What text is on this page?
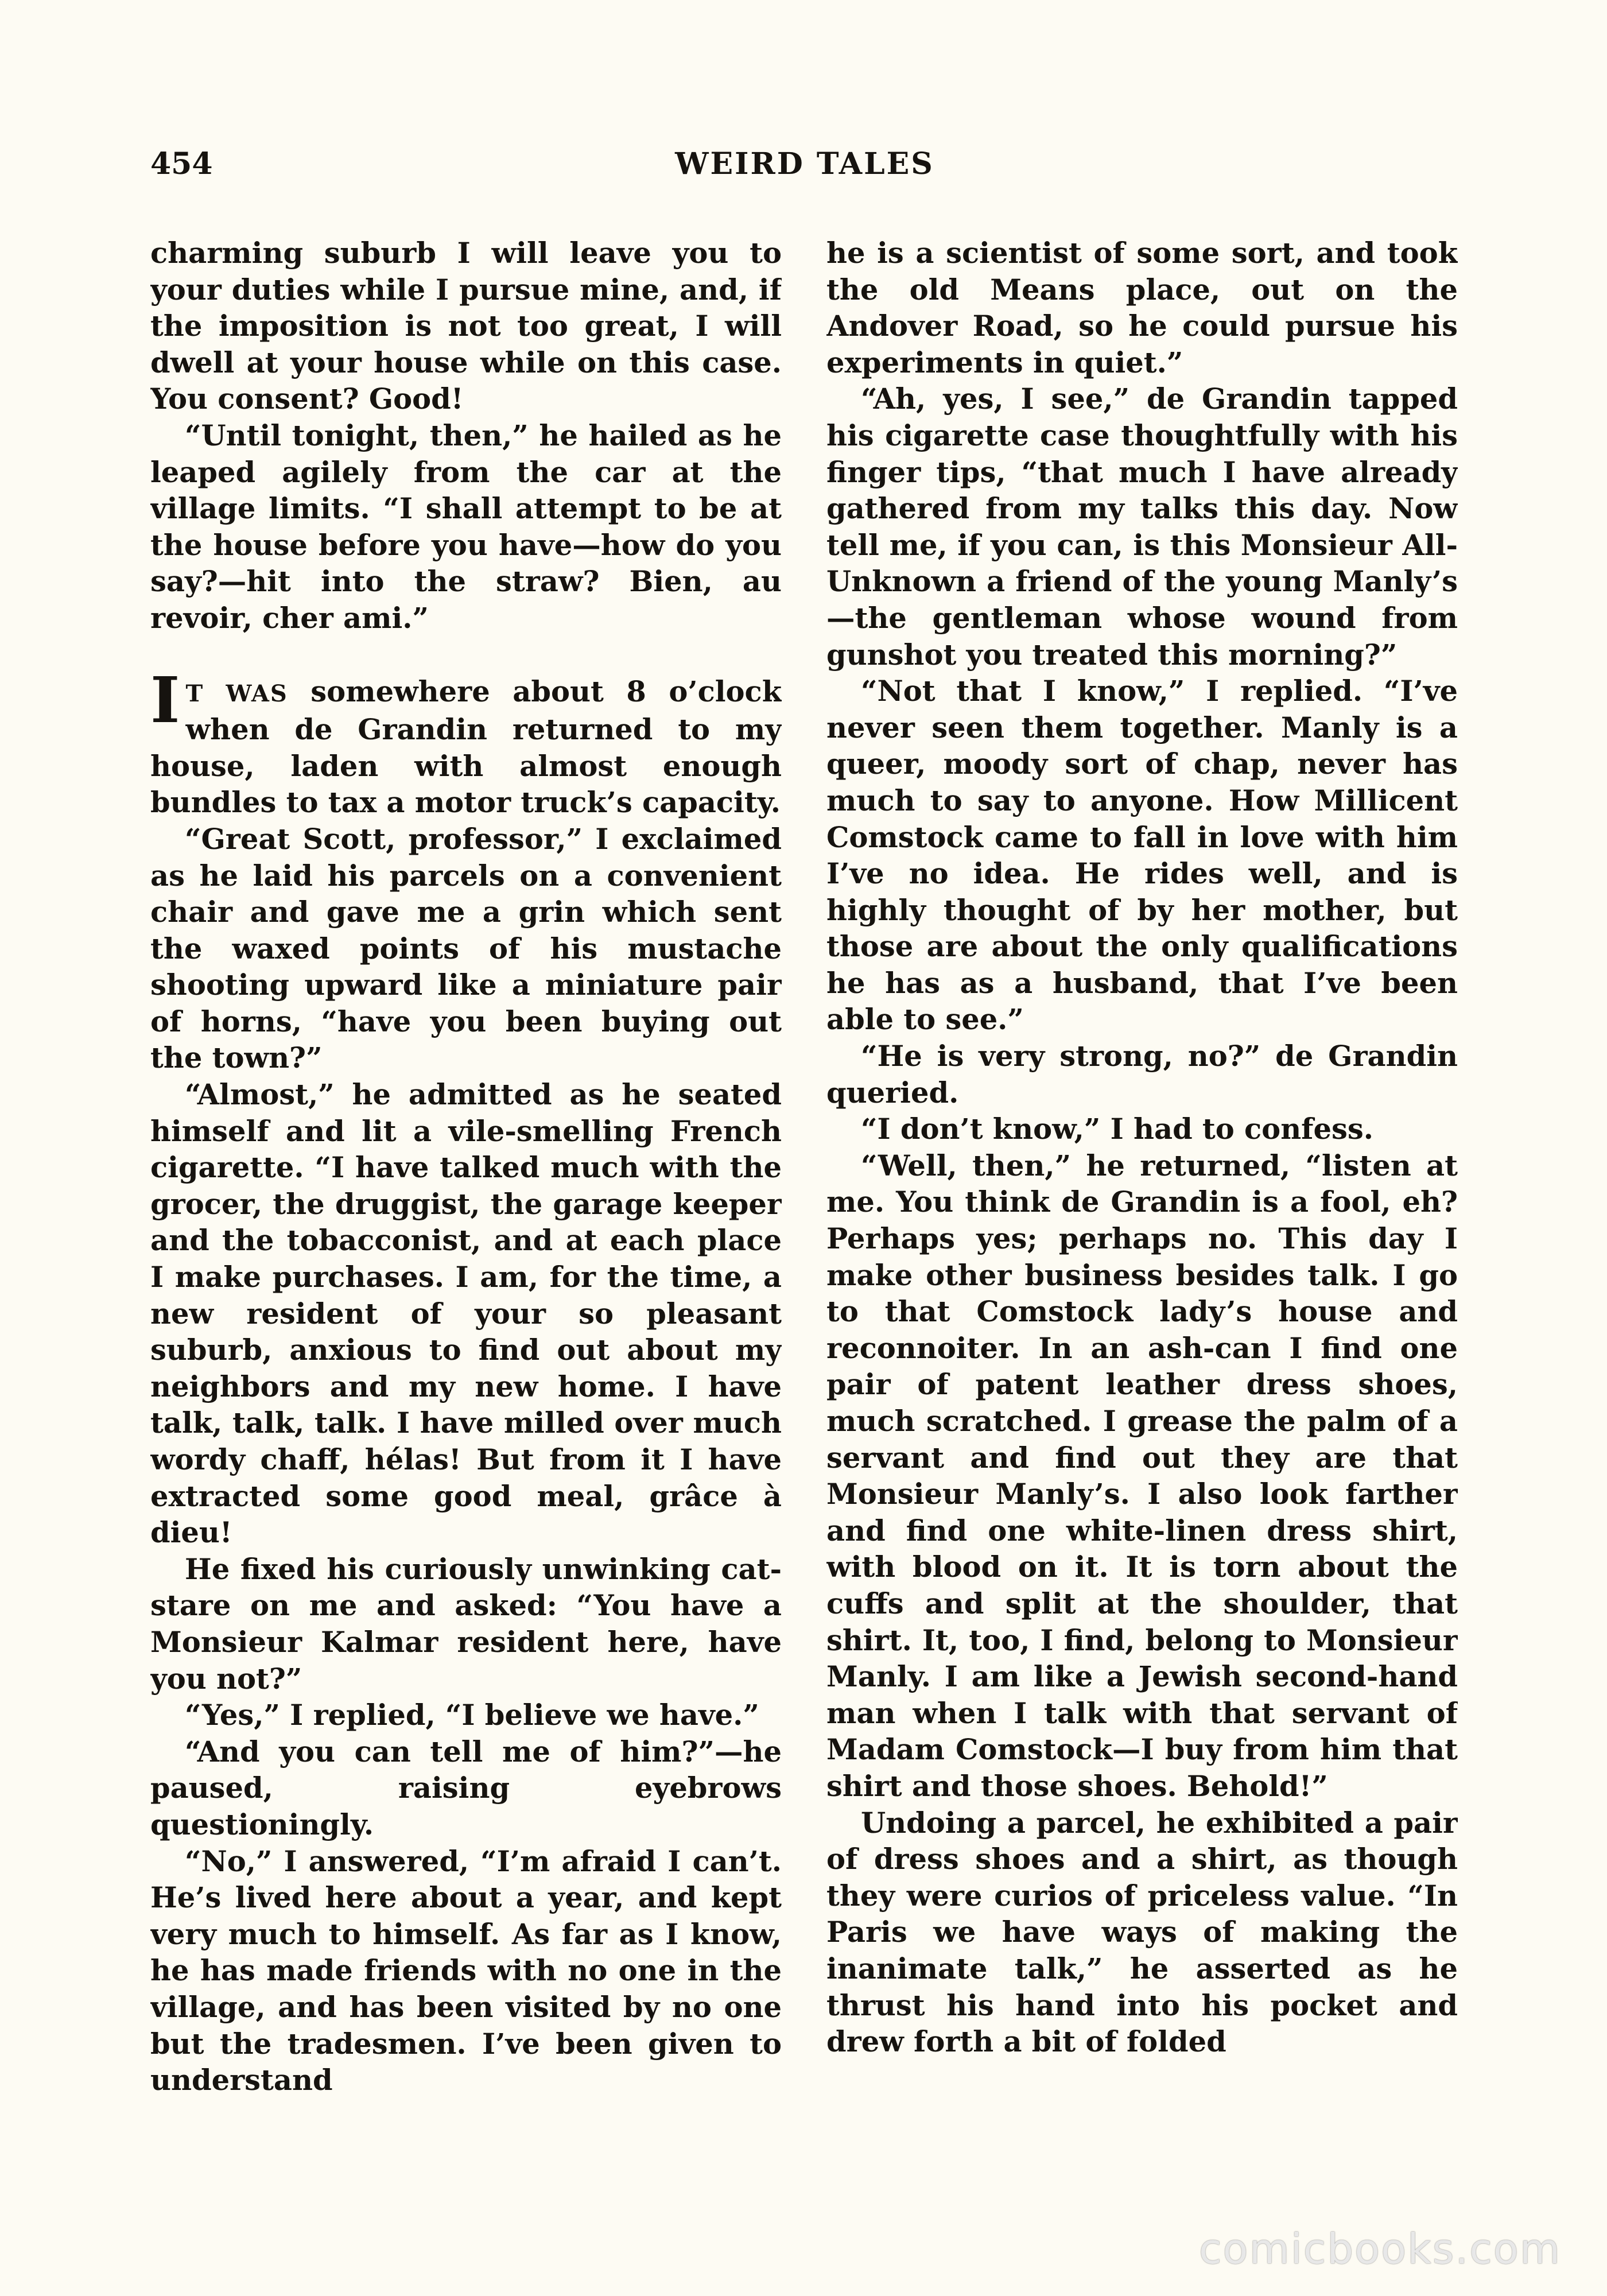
454	WEIRD TALES

charming suburb I will leave you to your duties while I pursue mine, and, if the imposition is not too great, I will dwell at your house while on this case. You consent? Good!

“Until tonight, then,” he hailed as he leaped agilely from the car at the village limits. “I shall attempt to be at the house before you have—how do you say?—hit into the straw? Bien, au revoir, cher ami.”

I T WAS somewhere about 8 o’clock when de Grandin returned to my house, laden with almost enough bundles to tax a motor truck’s capacity.

“Great Scott, professor,” I exclaimed as he laid his parcels on a convenient chair and gave me a grin which sent the waxed points of his mustache shooting upward like a miniature pair of horns, “have you been buying out the town?”

“Almost,” he admitted as he seated himself and lit a vile-smelling French cigarette. “I have talked much with the grocer, the druggist, the garage keeper and the tobacconist, and at each place I make purchases. I am, for the time, a new resident of your so pleasant suburb, anxious to find out about my neighbors and my new home. I have talk, talk, talk. I have milled over much wordy chaff, hélas! But from it I have extracted some good meal, grâce à dieu!

He fixed his curiously unwinking cat-stare on me and asked: “You have a Monsieur Kalmar resident here, have you not?”

“Yes,” I replied, “I believe we have.”

“And you can tell me of him?”—he paused, raising eyebrows questioningly.

“No,” I answered, “I’m afraid I can’t. He’s lived here about a year, and kept very much to himself. As far as I know, he has made friends with no one in the village, and has been visited by no one but the tradesmen. I’ve been given to understand

he is a scientist of some sort, and took the old Means place, out on the Andover Road, so he could pursue his experiments in quiet.”

“Ah, yes, I see,” de Grandin tapped his cigarette case thoughtfully with his finger tips, “that much I have already gathered from my talks this day. Now tell me, if you can, is this Monsieur All-Unknown a friend of the young Manly’s—the gentleman whose wound from gunshot you treated this morning?”

“Not that I know,” I replied. “I’ve never seen them together. Manly is a queer, moody sort of chap, never has much to say to anyone. How Millicent Comstock came to fall in love with him I’ve no idea. He rides well, and is highly thought of by her mother, but those are about the only qualifications he has as a husband, that I’ve been able to see.”

“He is very strong, no?” de Grandin queried.

“I don’t know,” I had to confess.

“Well, then,” he returned, “listen at me. You think de Grandin is a fool, eh? Perhaps yes; perhaps no. This day I make other business besides talk. I go to that Comstock lady’s house and reconnoiter. In an ash-can I find one pair of patent leather dress shoes, much scratched. I grease the palm of a servant and find out they are that Monsieur Manly’s. I also look farther and find one white-linen dress shirt, with blood on it. It is torn about the cuffs and split at the shoulder, that shirt. It, too, I find, belong to Monsieur Manly. I am like a Jewish second-hand man when I talk with that servant of Madam Comstock—I buy from him that shirt and those shoes. Behold!”

Undoing a parcel, he exhibited a pair of dress shoes and a shirt, as though they were curios of priceless value. “In Paris we have ways of making the inanimate talk,” he asserted as he thrust his hand into his pocket and drew forth a bit of folded

comicbooks.com
